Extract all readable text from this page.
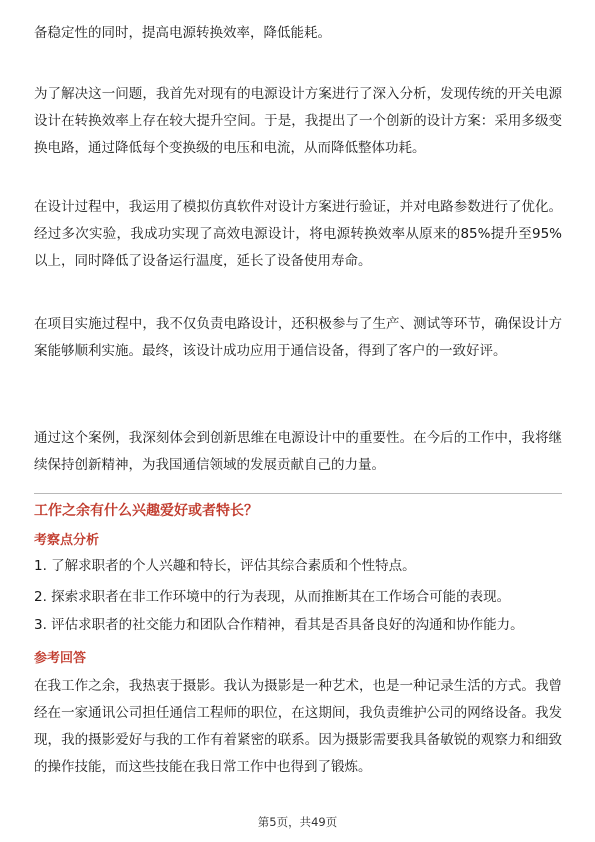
备稳定性的同时，提高电源转换效率，降低能耗。

为了解决这一问题，我首先对现有的电源设计方案进行了深入分析，发现传统的开关电源设计在转换效率上存在较大提升空间。于是，我提出了一个创新的设计方案：采用多级变换电路，通过降低每个变换级的电压和电流，从而降低整体功耗。

在设计过程中，我运用了模拟仿真软件对设计方案进行验证，并对电路参数进行了优化。经过多次实验，我成功实现了高效电源设计，将电源转换效率从原来的85%提升至95%以上，同时降低了设备运行温度，延长了设备使用寿命。

在项目实施过程中，我不仅负责电路设计，还积极参与了生产、测试等环节，确保设计方案能够顺利实施。最终，该设计成功应用于通信设备，得到了客户的一致好评。

通过这个案例，我深刻体会到创新思维在电源设计中的重要性。在今后的工作中，我将继续保持创新精神，为我国通信领域的发展贡献自己的力量。

工作之余有什么兴趣爱好或者特长？

考察点分析

1. 了解求职者的个人兴趣和特长，评估其综合素质和个性特点。

2. 探索求职者在非工作环境中的行为表现，从而推断其在工作场合可能的表现。

3. 评估求职者的社交能力和团队合作精神，看其是否具备良好的沟通和协作能力。

参考回答

在我工作之余，我热衷于摄影。我认为摄影是一种艺术，也是一种记录生活的方式。我曾经在一家通讯公司担任通信工程师的职位，在这期间，我负责维护公司的网络设备。我发现，我的摄影爱好与我的工作有着紧密的联系。因为摄影需要我具备敏锐的观察力和细致的操作技能，而这些技能在我日常工作中也得到了锻炼。

第5页，共49页
